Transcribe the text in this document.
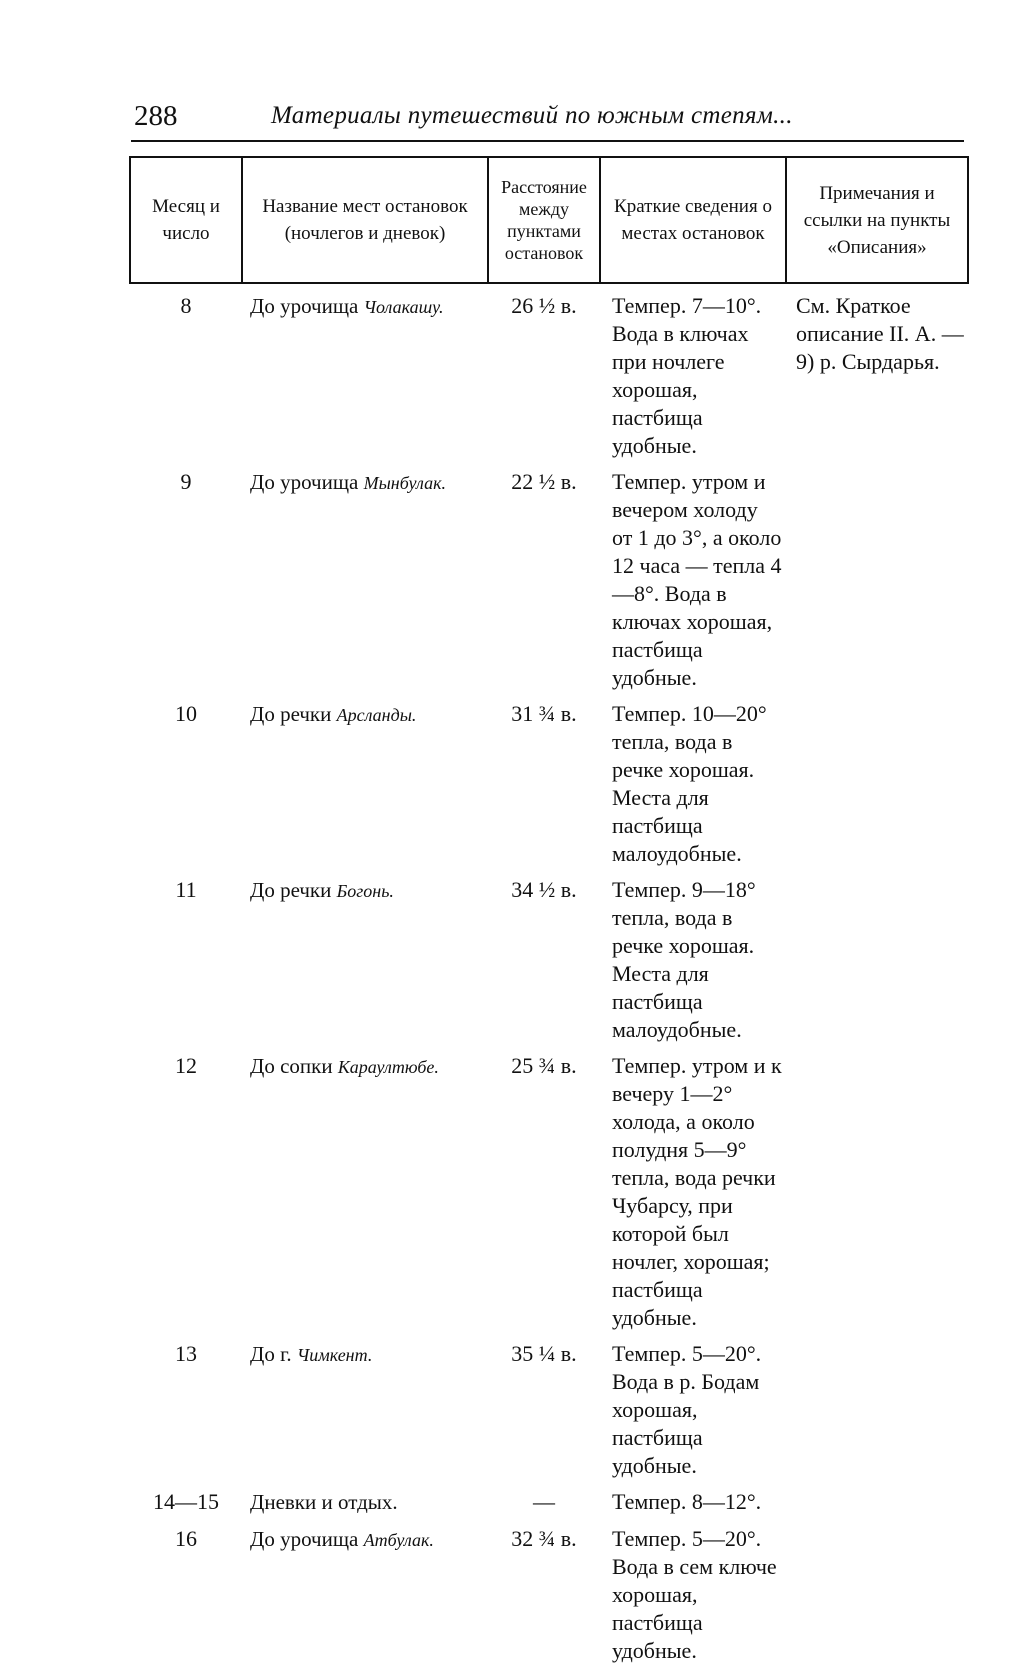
288	Материалы путешествий по южным степям...
Месяц и число	Название мест остановок (ночлегов и дневок)	Расстояние между пунктами остановок	Краткие сведения о местах остановок	Примечания и ссылки на пункты «Описания»
8	До урочища Чолакашу.	26 ½ в.	Темпер. 7—10°. Вода в ключах при ночлеге хорошая, пастбища удобные.	См. Краткое описание II. А. — 9) р. Сырдарья.
9	До урочища Мынбулак.	22 ½ в.	Темпер. утром и вечером холоду от 1 до 3°, а около 12 часа — тепла 4—8°. Вода в ключах хорошая, пастбища удобные.	
10	До речки Арсланды.	31 ¾ в.	Темпер. 10—20° тепла, вода в речке хорошая. Места для пастбища малоудобные.	
11	До речки Богонь.	34 ½ в.	Темпер. 9—18° тепла, вода в речке хорошая. Места для пастбища малоудобные.	
12	До сопки Караултюбе.	25 ¾ в.	Темпер. утром и к вечеру 1—2° холода, а около полудня 5—9° тепла, вода речки Чубарсу, при которой был ночлег, хорошая; пастбища удобные.	
13	До г. Чимкент.	35 ¼ в.	Темпер. 5—20°. Вода в р. Бодам хорошая, пастбища удобные.	
14—15	Дневки и отдых.	—	Темпер. 8—12°.	
16	До урочища Атбулак.	32 ¾ в.	Темпер. 5—20°. Вода в сем ключе хорошая, пастбища удобные.	
